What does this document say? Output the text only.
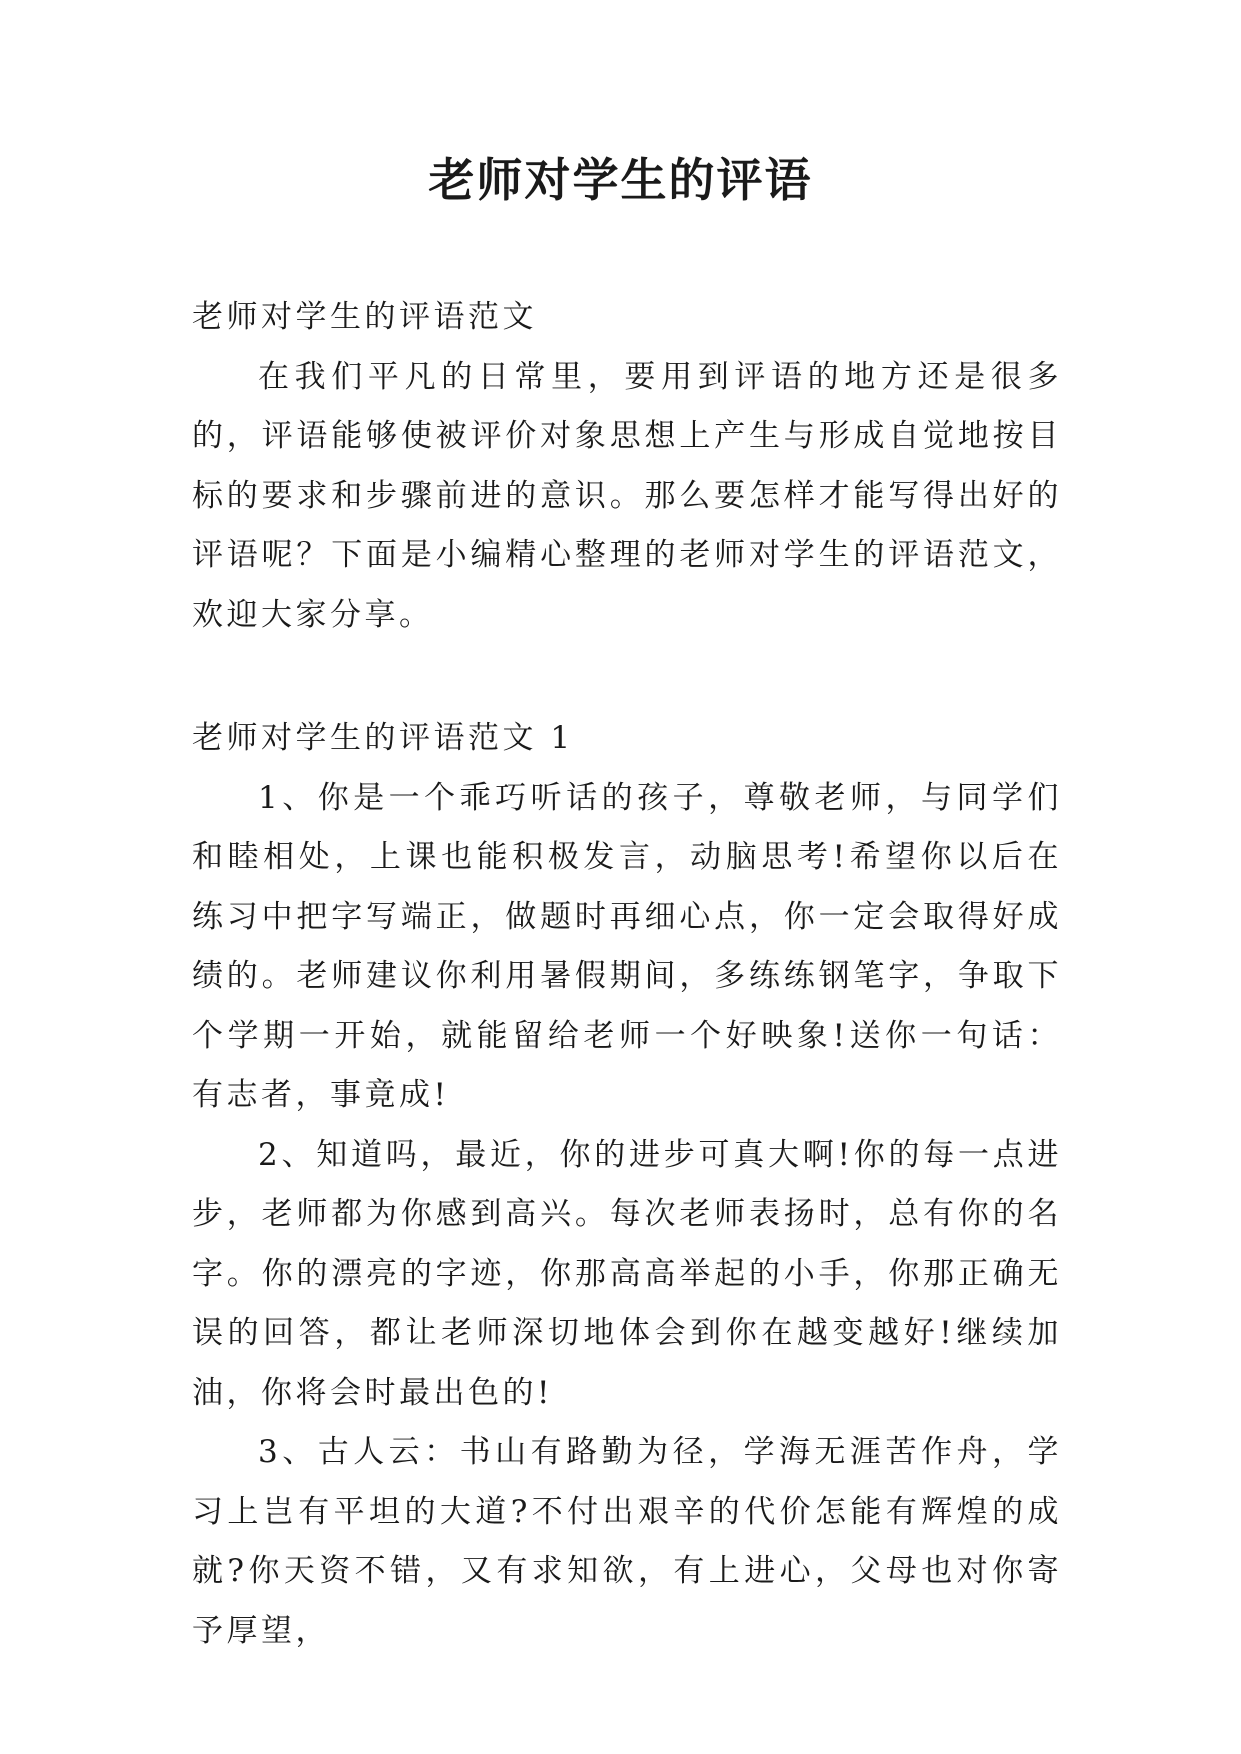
老师对学生的评语
老师对学生的评语范文

在我们平凡的日常里，要用到评语的地方还是很多的，评语能够使被评价对象思想上产生与形成自觉地按目标的要求和步骤前进的意识。那么要怎样才能写得出好的评语呢？下面是小编精心整理的老师对学生的评语范文，欢迎大家分享。

老师对学生的评语范文 1

1、你是一个乖巧听话的孩子，尊敬老师，与同学们和睦相处，上课也能积极发言，动脑思考!希望你以后在练习中把字写端正，做题时再细心点，你一定会取得好成绩的。老师建议你利用暑假期间，多练练钢笔字，争取下个学期一开始，就能留给老师一个好映象!送你一句话：有志者，事竟成!

2、知道吗，最近，你的进步可真大啊!你的每一点进步，老师都为你感到高兴。每次老师表扬时，总有你的名字。你的漂亮的字迹，你那高高举起的小手，你那正确无误的回答，都让老师深切地体会到你在越变越好!继续加油，你将会时最出色的!

3、古人云：书山有路勤为径，学海无涯苦作舟，学习上岂有平坦的大道?不付出艰辛的代价怎能有辉煌的成就?你天资不错，又有求知欲，有上进心，父母也对你寄予厚望，
